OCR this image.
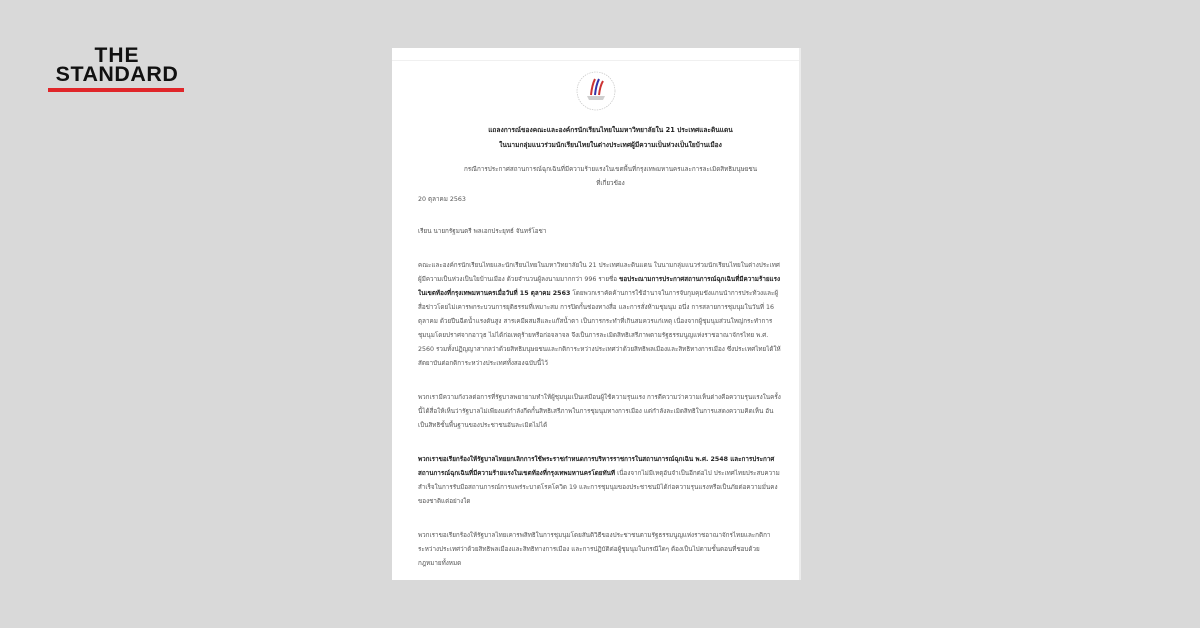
THE
STANDARD
แถลงการณ์ของคณะและองค์กรนักเรียนไทยในมหาวิทยาลัยใน 21 ประเทศและดินแดน
ในนามกลุ่มแนวร่วมนักเรียนไทยในต่างประเทศผู้มีความเป็นห่วงเป็นใยบ้านเมือง
กรณีการประกาศสถานการณ์ฉุกเฉินที่มีความร้ายแรงในเขตพื้นที่กรุงเทพมหานครและการละเมิดสิทธิมนุษยชน
ที่เกี่ยวข้อง
20 ตุลาคม 2563
เรียน นายกรัฐมนตรี พลเอกประยุทธ์ จันทร์โอชา
คณะและองค์กรนักเรียนไทยและนักเรียนไทยในมหาวิทยาลัยใน 21 ประเทศและดินแดน ในนามกลุ่มแนวร่วมนักเรียนไทยในต่างประเทศผู้มีความเป็นห่วงเป็นใยบ้านเมือง ด้วยจำนวนผู้ลงนามมากกว่า 996 รายชื่อ ขอประณามการประกาศสถานการณ์ฉุกเฉินที่มีความร้ายแรงในเขตท้องที่กรุงเทพมหานครเมื่อวันที่ 15 ตุลาคม 2563 โดยพวกเราคัดค้านการใช้อำนาจในการจับกุมคุมขังแกนนำการประท้วงและผู้สื่อข่าวโดยไม่เคารพกระบวนการยุติธรรมที่เหมาะสม การปิดกั้นช่องทางสื่อ และการสั่งห้ามชุมนุม อนึ่ง การสลายการชุมนุมในวันที่ 16 ตุลาคม ด้วยปืนฉีดน้ำแรงดันสูง สารเคมีผสมสีและแก๊สน้ำตา เป็นการกระทำที่เกินสมควรแก่เหตุ เนื่องจากผู้ชุมนุมส่วนใหญ่กระทำการชุมนุมโดยปราศจากอาวุธ ไม่ได้ก่อเหตุร้ายหรือก่อจลาจล จึงเป็นการละเมิดสิทธิเสรีภาพตามรัฐธรรมนูญแห่งราชอาณาจักรไทย พ.ศ. 2560 รวมทั้งปฏิญญาสากลว่าด้วยสิทธิมนุษยชนและกติการะหว่างประเทศว่าด้วยสิทธิพลเมืองและสิทธิทางการเมือง ซึ่งประเทศไทยได้ให้สัตยาบันต่อกติการะหว่างประเทศทั้งสองฉบับนี้ไว้
พวกเรามีความกังวลต่อการที่รัฐบาลพยายามทำให้ผู้ชุมนุมเป็นเสมือนผู้ใช้ความรุนแรง การตีความว่าความเห็นต่างคือความรุนแรงในครั้งนี้ได้สื่อให้เห็นว่ารัฐบาลไม่เพียงแต่กำลังกีดกั้นสิทธิเสรีภาพในการชุมนุมทางการเมือง แต่กำลังละเมิดสิทธิในการแสดงความคิดเห็น อันเป็นสิทธิขั้นพื้นฐานของประชาชนอันละเมิดไม่ได้
พวกเราขอเรียกร้องให้รัฐบาลไทยยกเลิกการใช้พระราชกำหนดการบริหารราชการในสถานการณ์ฉุกเฉิน พ.ศ. 2548 และการประกาศสถานการณ์ฉุกเฉินที่มีความร้ายแรงในเขตท้องที่กรุงเทพมหานครโดยทันที เนื่องจากไม่มีเหตุอันจำเป็นอีกต่อไป ประเทศไทยประสบความสำเร็จในการรับมือสถานการณ์การแพร่ระบาดโรคโควิด 19 และการชุมนุมของประชาชนมิได้ก่อความรุนแรงหรือเป็นภัยต่อความมั่นคงของชาติแต่อย่างใด
พวกเราขอเรียกร้องให้รัฐบาลไทยเคารพสิทธิในการชุมนุมโดยสันติวิธีของประชาชนตามรัฐธรรมนูญแห่งราชอาณาจักรไทยและกติการะหว่างประเทศว่าด้วยสิทธิพลเมืองและสิทธิทางการเมือง และการปฏิบัติต่อผู้ชุมนุมในกรณีใดๆ ต้องเป็นไปตามขั้นตอนที่ชอบด้วยกฎหมายทั้งหมด
